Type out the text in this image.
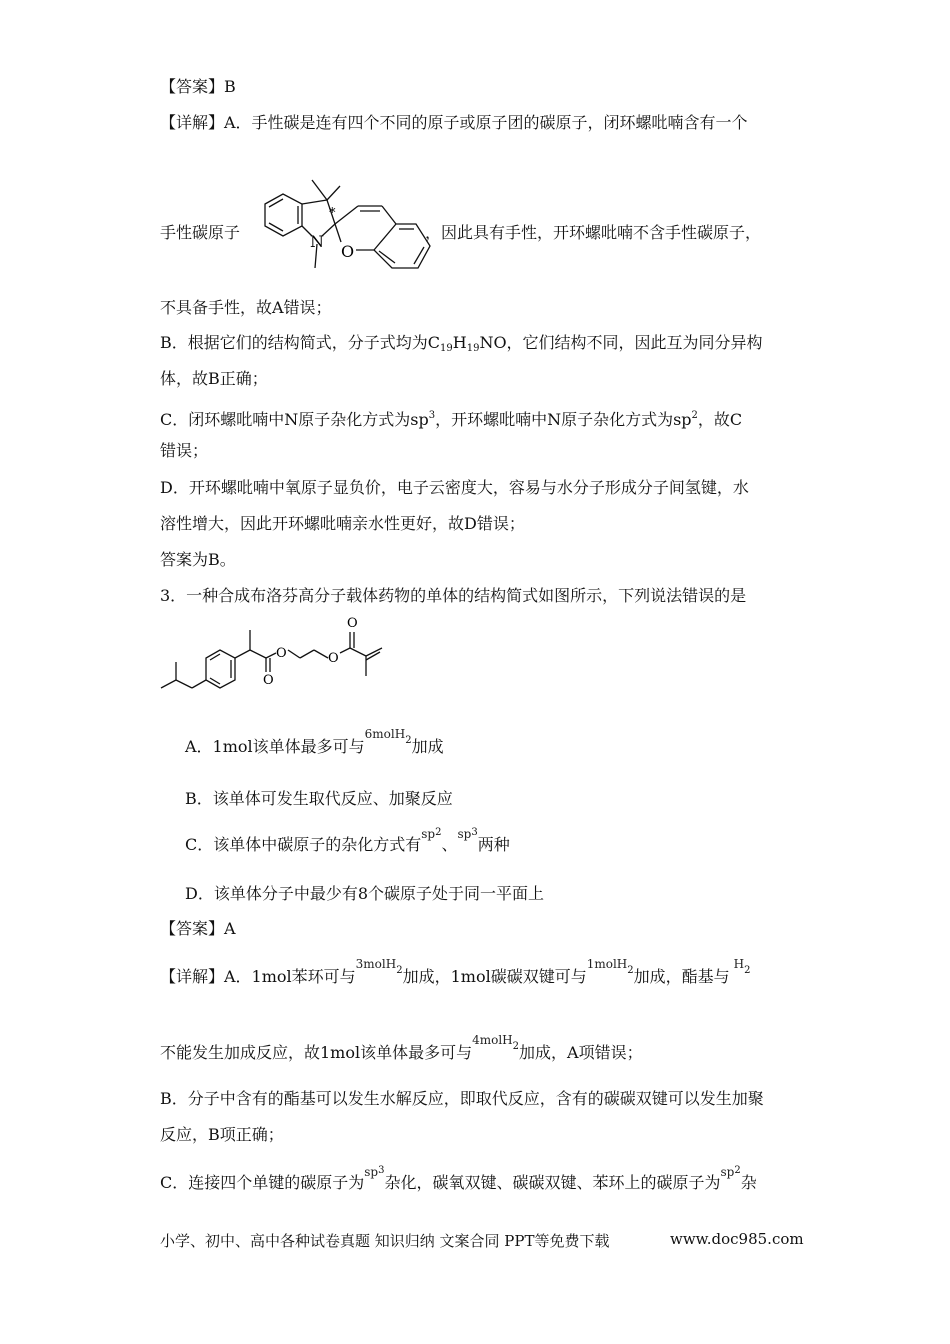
【答案】B
【详解】A．手性碳是连有四个不同的原子或原子团的碳原子，闭环螺吡喃含有一个
手性碳原子	，因此具有手性，开环螺吡喃不含手性碳原子，
*
N
O
不具备手性，故A错误；
B．根据它们的结构简式，分子式均为$C_{19}H_{19}NO$，它们结构不同，因此互为同分异构
体，故B正确；
C．闭环螺吡喃中N原子杂化方式为$sp^3$，开环螺吡喃中N原子杂化方式为$sp^2$，故C
错误；
D．开环螺吡喃中氧原子显负价，电子云密度大，容易与水分子形成分子间氢键，水
溶性增大，因此开环螺吡喃亲水性更好，故D错误；
答案为B。
3．一种合成布洛芬高分子载体药物的单体的结构简式如图所示，下列说法错误的是
O
O
O
O
A．1mol该单体最多可与$^{6molH2}$加成
B．该单体可发生取代反应、加聚反应
C．该单体中碳原子的杂化方式有$^{sp2}$、$^{sp3}$两种
D．该单体分子中最少有8个碳原子处于同一平面上
【答案】A
【详解】A．1mol苯环可与$^{3molH2}$加成，1mol碳碳双键可与$^{1molH2}$加成，酯基与$^{H2}$
不能发生加成反应，故1mol该单体最多可与$^{4molH2}$加成，A项错误；
B．分子中含有的酯基可以发生水解反应，即取代反应，含有的碳碳双键可以发生加聚
反应，B项正确；
C．连接四个单键的碳原子为$^{sp3}$杂化，碳氧双键、碳碳双键、苯环上的碳原子为$^{sp2}$杂
小学、初中、高中各种试卷真题 知识归纳 文案合同 PPT等免费下载	www.doc985.com
